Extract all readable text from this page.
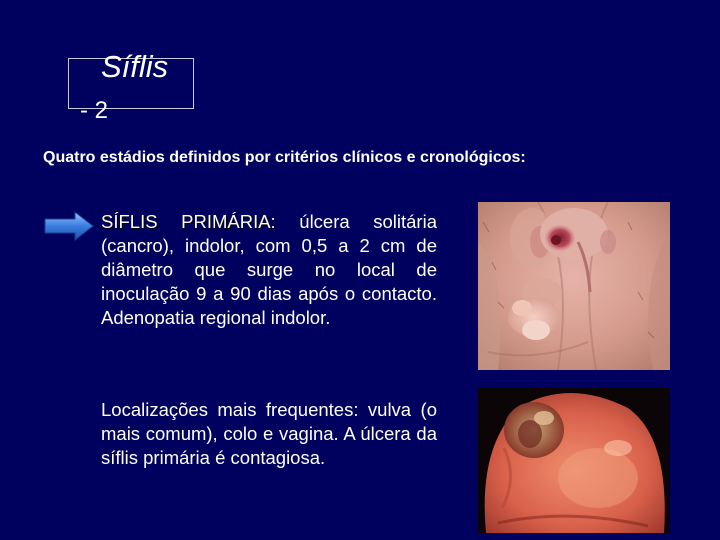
Sífl​is
- 2
Quatro estádios definidos por critérios clínicos e cronológicos:
SÍFLIS PRIMÁRIA: úlcera solitária (cancro), indolor, com 0,5 a 2 cm de diâmetro que surge no local de inoculação 9 a 90 dias após o contacto. Adenopatia regional indolor.
Localizações mais frequentes: vulva (o mais comum), colo e vagina. A úlcera da sífl​is primária é contagiosa.
